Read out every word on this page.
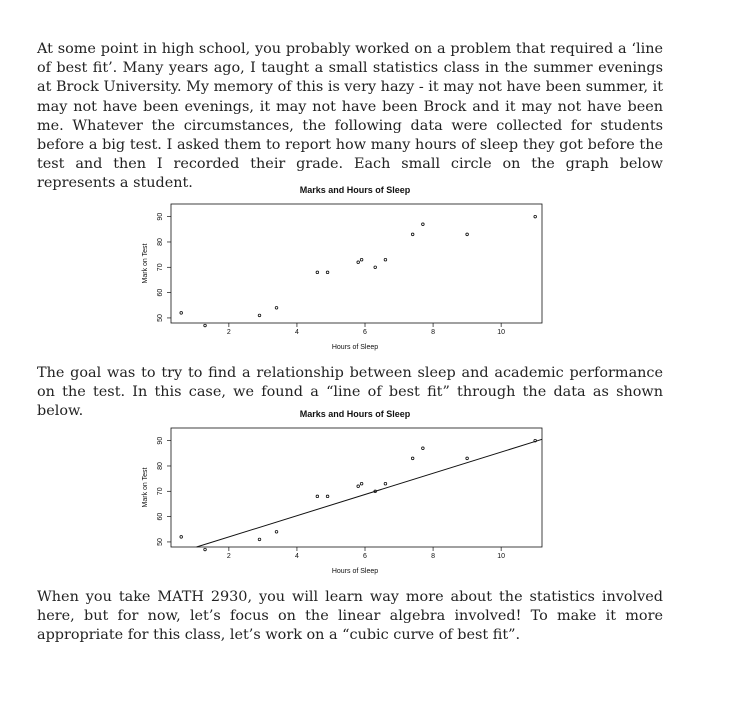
At some point in high school, you probably worked on a problem that required a ‘line of best fit’. Many years ago, I taught a small statistics class in the summer evenings at Brock University. My memory of this is very hazy - it may not have been summer, it may not have been evenings, it may not have been Brock and it may not have been me. Whatever the circumstances, the following data were collected for students before a big test. I asked them to report how many hours of sleep they got before the test and then I recorded their grade. Each small circle on the graph below represents a student.	Marks and Hours of Sleep
2	4	6	8	10
50
60
70
80
90
Hours of Sleep
Mark on Test

The goal was to try to find a relationship between sleep and academic performance on the test. In this case, we found a “line of best fit” through the data as shown below.	Marks and Hours of Sleep
2	4	6	8	10
50
60
70
80
90
Hours of Sleep
Mark on Test

When you take MATH 2930, you will learn way more about the statistics involved here, but for now, let’s focus on the linear algebra involved! To make it more appropriate for this class, let’s work on a “cubic curve of best fit”.
